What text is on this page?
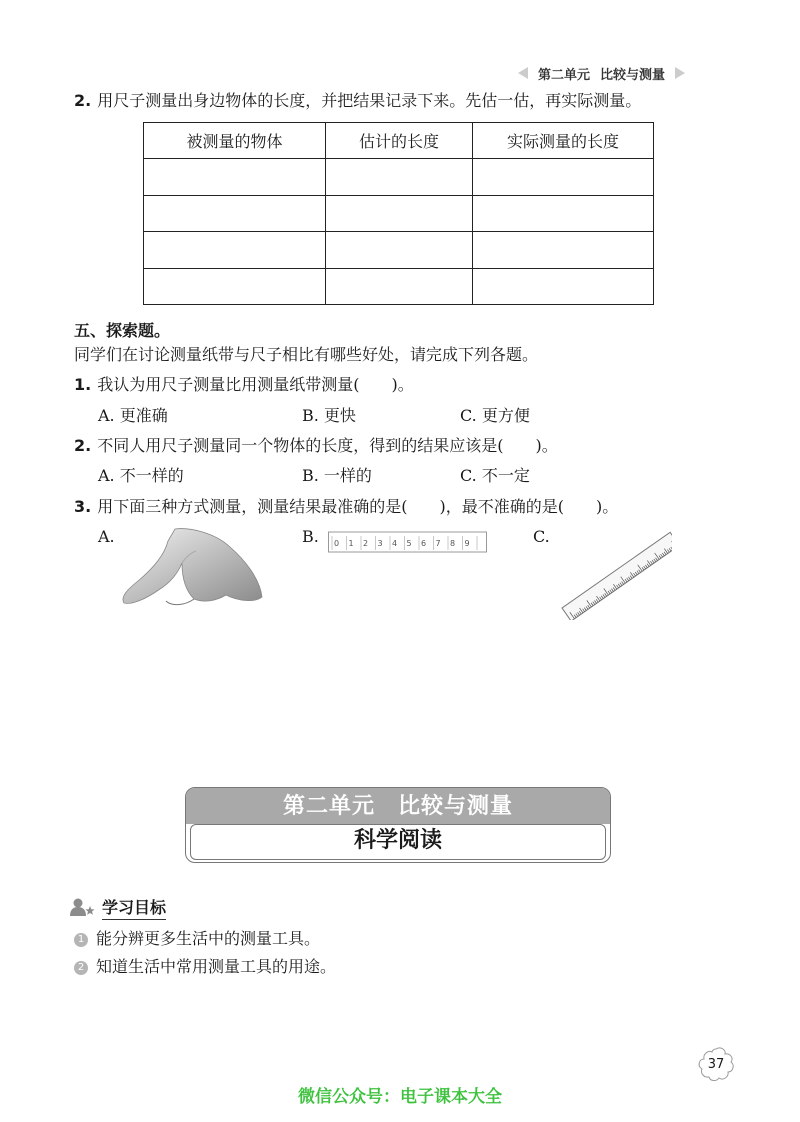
第二单元 比较与测量
2. 用尺子测量出身边物体的长度，并把结果记录下来。先估一估，再实际测量。
被测量的物体	估计的长度	实际测量的长度

五、探索题。
同学们在讨论测量纸带与尺子相比有哪些好处，请完成下列各题。
1. 我认为用尺子测量比用测量纸带测量(　　)。
A. 更准确	B. 更快	C. 更方便
2. 不同人用尺子测量同一个物体的长度，得到的结果应该是(　　)。
A. 不一样的	B. 一样的	C. 不一定
3. 用下面三种方式测量，测量结果最准确的是(　　)，最不准确的是(　　)。
A.	B.	C.
0 1 2 3 4 5 6 7 8 9
第二单元　比较与测量
科学阅读
学习目标
1 能分辨更多生活中的测量工具。
2 知道生活中常用测量工具的用途。
37
微信公众号：电子课本大全
